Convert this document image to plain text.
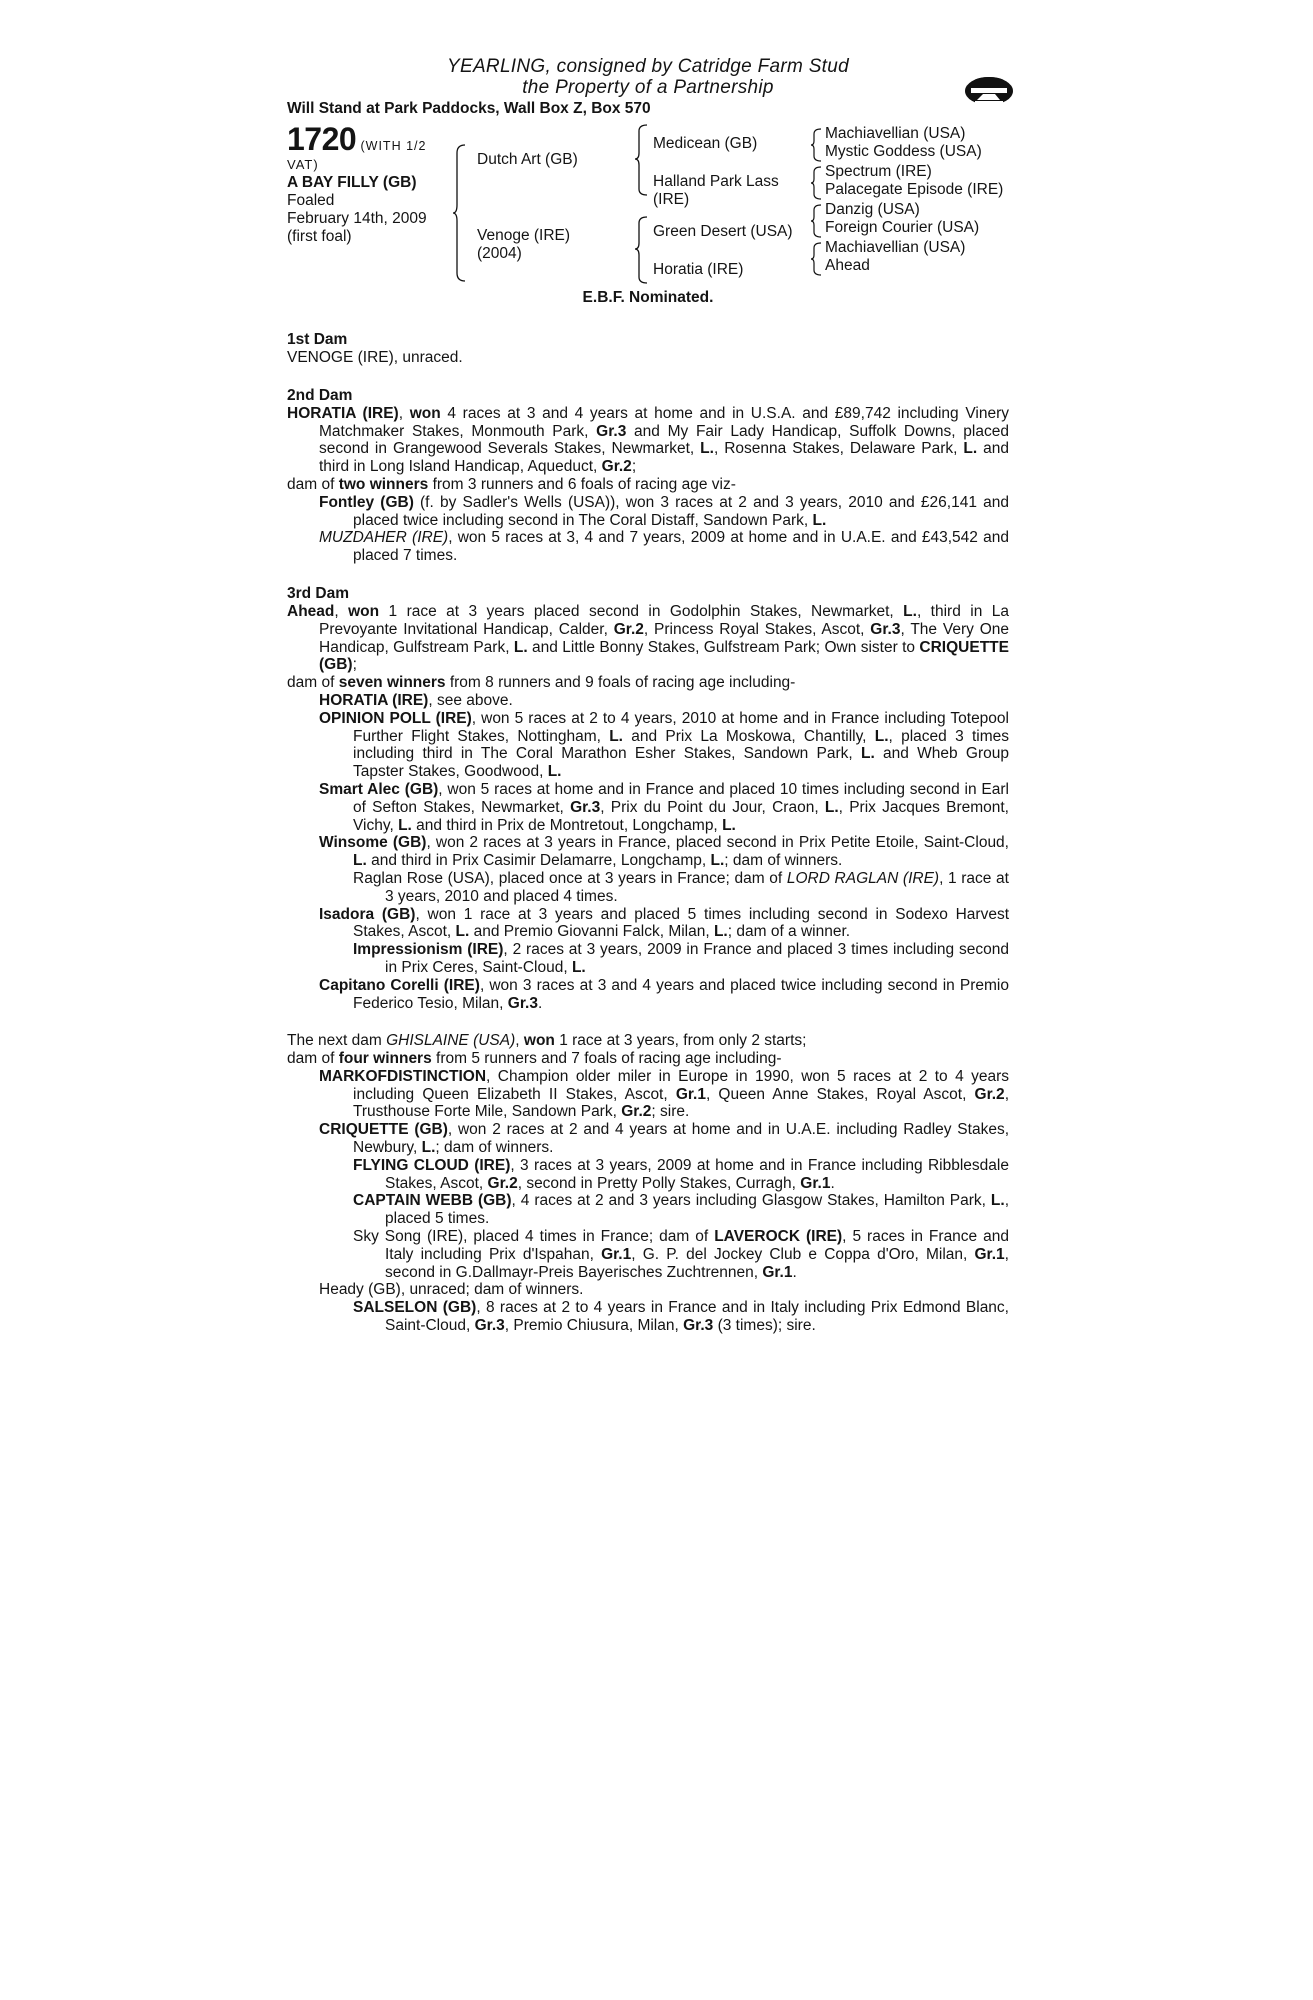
YEARLING, consigned by Catridge Farm Stud
the Property of a Partnership
Will Stand at Park Paddocks, Wall Box Z, Box 570
1720 (WITH 1/2
VAT)
A BAY FILLY (GB)
Foaled
February 14th, 2009
(first foal)
Dutch Art (GB)
Venoge (IRE)
(2004)
Medicean (GB)
Halland Park Lass
(IRE)
Green Desert (USA)
Horatia (IRE)
Machiavellian (USA)
Mystic Goddess (USA)
Spectrum (IRE)
Palacegate Episode (IRE)
Danzig (USA)
Foreign Courier (USA)
Machiavellian (USA)
Ahead
E.B.F. Nominated.
1st Dam
VENOGE (IRE), unraced.
2nd Dam

HORATIA (IRE), won 4 races at 3 and 4 years at home and in U.S.A. and £89,742 including Vinery Matchmaker Stakes, Monmouth Park, Gr.3 and My Fair Lady Handicap, Suffolk Downs, placed second in Grangewood Severals Stakes, Newmarket, L., Rosenna Stakes, Delaware Park, L. and third in Long Island Handicap, Aqueduct, Gr.2;

dam of two winners from 3 runners and 6 foals of racing age viz-

Fontley (GB) (f. by Sadler's Wells (USA)), won 3 races at 2 and 3 years, 2010 and £26,141 and placed twice including second in The Coral Distaff, Sandown Park, L.

MUZDAHER (IRE), won 5 races at 3, 4 and 7 years, 2009 at home and in U.A.E. and £43,542 and placed 7 times.

3rd Dam

Ahead, won 1 race at 3 years placed second in Godolphin Stakes, Newmarket, L., third in La Prevoyante Invitational Handicap, Calder, Gr.2, Princess Royal Stakes, Ascot, Gr.3, The Very One Handicap, Gulfstream Park, L. and Little Bonny Stakes, Gulfstream Park; Own sister to CRIQUETTE (GB);

dam of seven winners from 8 runners and 9 foals of racing age including-

HORATIA (IRE), see above.

OPINION POLL (IRE), won 5 races at 2 to 4 years, 2010 at home and in France including Totepool Further Flight Stakes, Nottingham, L. and Prix La Moskowa, Chantilly, L., placed 3 times including third in The Coral Marathon Esher Stakes, Sandown Park, L. and Wheb Group Tapster Stakes, Goodwood, L.

Smart Alec (GB), won 5 races at home and in France and placed 10 times including second in Earl of Sefton Stakes, Newmarket, Gr.3, Prix du Point du Jour, Craon, L., Prix Jacques Bremont, Vichy, L. and third in Prix de Montretout, Longchamp, L.

Winsome (GB), won 2 races at 3 years in France, placed second in Prix Petite Etoile, Saint-Cloud, L. and third in Prix Casimir Delamarre, Longchamp, L.; dam of winners.

Raglan Rose (USA), placed once at 3 years in France; dam of LORD RAGLAN (IRE), 1 race at 3 years, 2010 and placed 4 times.

Isadora (GB), won 1 race at 3 years and placed 5 times including second in Sodexo Harvest Stakes, Ascot, L. and Premio Giovanni Falck, Milan, L.; dam of a winner.

Impressionism (IRE), 2 races at 3 years, 2009 in France and placed 3 times including second in Prix Ceres, Saint-Cloud, L.

Capitano Corelli (IRE), won 3 races at 3 and 4 years and placed twice including second in Premio Federico Tesio, Milan, Gr.3.

The next dam GHISLAINE (USA), won 1 race at 3 years, from only 2 starts;

dam of four winners from 5 runners and 7 foals of racing age including-

MARKOFDISTINCTION, Champion older miler in Europe in 1990, won 5 races at 2 to 4 years including Queen Elizabeth II Stakes, Ascot, Gr.1, Queen Anne Stakes, Royal Ascot, Gr.2, Trusthouse Forte Mile, Sandown Park, Gr.2; sire.

CRIQUETTE (GB), won 2 races at 2 and 4 years at home and in U.A.E. including Radley Stakes, Newbury, L.; dam of winners.

FLYING CLOUD (IRE), 3 races at 3 years, 2009 at home and in France including Ribblesdale Stakes, Ascot, Gr.2, second in Pretty Polly Stakes, Curragh, Gr.1.

CAPTAIN WEBB (GB), 4 races at 2 and 3 years including Glasgow Stakes, Hamilton Park, L., placed 5 times.

Sky Song (IRE), placed 4 times in France; dam of LAVEROCK (IRE), 5 races in France and Italy including Prix d'Ispahan, Gr.1, G. P. del Jockey Club e Coppa d'Oro, Milan, Gr.1, second in G.Dallmayr-Preis Bayerisches Zuchtrennen, Gr.1.

Heady (GB), unraced; dam of winners.

SALSELON (GB), 8 races at 2 to 4 years in France and in Italy including Prix Edmond Blanc, Saint-Cloud, Gr.3, Premio Chiusura, Milan, Gr.3 (3 times); sire.
